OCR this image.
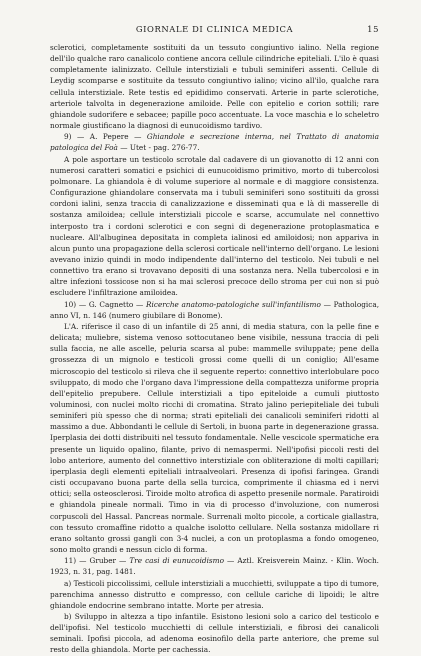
GIORNALE DI CLINICA MEDICA	15

sclerotici, completamente sostituiti da un tessuto congiuntivo ialino. Nella regione dell'ilo qualche raro canalicolo contiene ancora cellule cilindriche epiteliali. L'ilo è quasi completamente ialinizzato. Cellule interstiziali e tubuli seminiferi assenti. Cellule di Leydig scomparse e sostituite da tessuto congiuntivo ialino; vicino all'ilo, qualche rara cellula interstiziale. Rete testis ed epididimo conservati. Arterie in parte sclerotiche, arteriole talvolta in degenerazione amiloide. Pelle con epitelio e corion sottili; rare ghiandole sudorifere e sebacee; papille poco accentuate. La voce maschia e lo scheletro normale giustificano la diagnosi di eunucoidismo tardivo.

9) — A. Pepere — Ghiandole e secrezione interna, nel Trattato di anatomia patologica del Foà — Utet - pag. 276-77.

A pole asportare un testicolo scrotale dal cadavere di un giovanotto di 12 anni con numerosi caratteri somatici e psichici di eunucoidismo primitivo, morto di tubercolosi polmonare. La ghiandola è di volume superiore al normale e di maggiore consistenza. Configurazione ghiandolare conservata ma i tubuli seminiferi sono sostituiti da grossi cordoni ialini, senza traccia di canalizzazione e disseminati qua e là di masserelle di sostanza amiloidea; cellule interstiziali piccole e scarse, accumulate nel connettivo interposto tra i cordoni sclerotici e con segni di degenerazione protoplasmatica e nucleare. All'albuginea depositata in completa ialinosi ed amiloidosi; non appariva in alcun punto una propagazione della sclerosi corticale nell'interno dell'organo. Le lesioni avevano inizio quindi in modo indipendente dall'interno del testicolo. Nei tubuli e nel connettivo tra erano si trovavano depositi di una sostanza nera. Nella tubercolosi e in altre infezioni tossicose non si ha mai sclerosi precoce dello stroma per cui non si può escludere l'infiltrazione amiloidea.

10) — G. Cagnetto — Ricerche anatomo-patologiche sull'infantilismo — Pathologica, anno VI, n. 146 (numero giubilare di Bonome).

L'A. riferisce il caso di un infantile di 25 anni, di media statura, con la pelle fine e delicata; muliebre, sistema venoso sottocutaneo bene visibile, nessuna traccia di peli sulla faccia, ne alle ascelle, peluria scarsa al pube: mammelle sviluppate; pene della grossezza di un mignolo e testicoli grossi come quelli di un coniglio; All'esame microscopio del testicolo si rileva che il seguente reperto: connettivo interlobulare poco sviluppato, di modo che l'organo dava l'impressione della compattezza uniforme propria dell'epitelio prepubere. Cellule interstiziali a tipo epiteloide a cumuli piuttosto voluminosi, con nuclei molto ricchi di cromatina. Strato jalino periepiteliale dei tubuli seminiferi più spesso che di norma; strati epiteliali dei canalicoli seminiferi ridotti al massimo a due. Abbondanti le cellule di Sertoli, in buona parte in degenerazione grassa. Iperplasia dei dotti distribuiti nel tessuto fondamentale. Nelle vescicole spermatiche era presente un liquido opalino, filante, privo di nemaspermi. Nell'ipofisi piccoli resti del lobo anteriore, aumento del connettivo interstiziale con obliterazione di molti capillari; iperplasia degli elementi epiteliali intraalveolari. Presenza di ipofisi faringea. Grandi cisti occupavano buona parte della sella turcica, comprimente il chiasma ed i nervi ottici; sella osteosclerosi. Tiroide molto atrofica di aspetto presenile normale. Paratiroidi e ghiandola pineale normali. Timo in via di processo d'involuzione, con numerosi corpuscoli del Hassal. Pancreas normale. Surrenali molto piccole, a corticale giallastra, con tessuto cromaffine ridotto a qualche isolotto cellulare. Nella sostanza midollare ri erano soltanto grossi gangli con 3-4 nuclei, a con un protoplasma a fondo omogeneo, sono molto grandi e nessun ciclo di forma.

11) — Gruber — Tre casi di eunucoidismo — Aztl. Kreisverein Mainz. - Klin. Woch. 1923, n. 31, pag. 1481.

a) Testicoli piccolissimi, cellule interstiziali a mucchietti, sviluppate a tipo di tumore, parenchima annesso distrutto e compresso, con cellule cariche di lipoidi; le altre ghiandole endocrine sembrano intatte. Morte per atresia.

b) Sviluppo in altezza a tipo infantile. Esistono lesioni solo a carico del testicolo e dell'ipofisi. Nel testicolo mucchietti di cellule interstiziali, e fibrosi dei canalicoli seminali. Ipofisi piccola, ad adenoma eosinofilo della parte anteriore, che preme sul resto della ghiandola. Morte per cachessia.
